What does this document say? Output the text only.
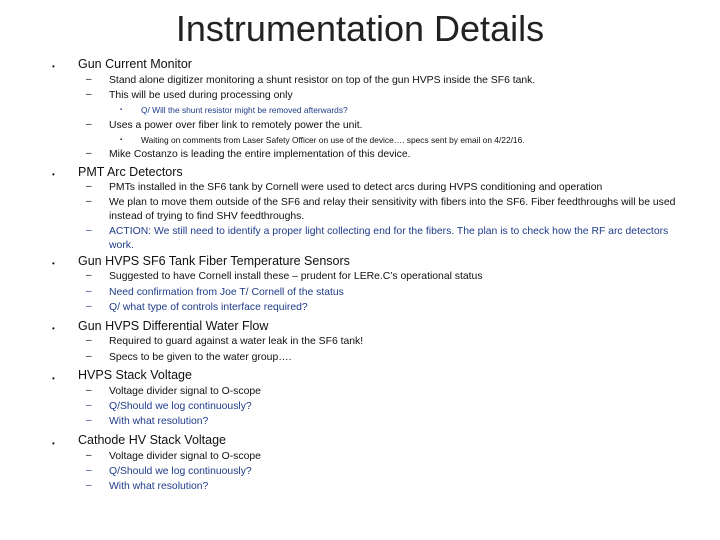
Instrumentation Details
• Gun Current Monitor
– Stand alone digitizer monitoring a shunt resistor on top of the gun HVPS inside the SF6 tank.
– This will be used during processing only
▪ Q/ Will the shunt resistor might be removed afterwards?
– Uses a power over fiber link to remotely power the unit.
▪ Waiting on comments from Laser Safety Officer on use of the device…. specs sent by email on 4/22/16.
– Mike Costanzo is leading the entire implementation of this device.
• PMT Arc Detectors
– PMTs installed in the SF6 tank by Cornell were used to detect arcs during HVPS conditioning and operation
– We plan to move them outside of the SF6 and relay their sensitivity with fibers into the SF6. Fiber feedthroughs will be used instead of trying to find SHV feedthroughs.
– ACTION: We still need to identify a proper light collecting end for the fibers. The plan is to check how the RF arc detectors work.
• Gun HVPS SF6 Tank Fiber Temperature Sensors
– Suggested to have Cornell install these – prudent for LERe.C’s operational status
– Need confirmation from Joe T/ Cornell of the status
– Q/ what type of controls interface required?
• Gun HVPS Differential Water Flow
– Required to guard against a water leak in the SF6 tank!
– Specs to be given to the water group….
• HVPS Stack Voltage
– Voltage divider signal to O-scope
– Q/Should we log continuously?
– With what resolution?
• Cathode HV Stack Voltage
– Voltage divider signal to O-scope
– Q/Should we log continuously?
– With what resolution?
